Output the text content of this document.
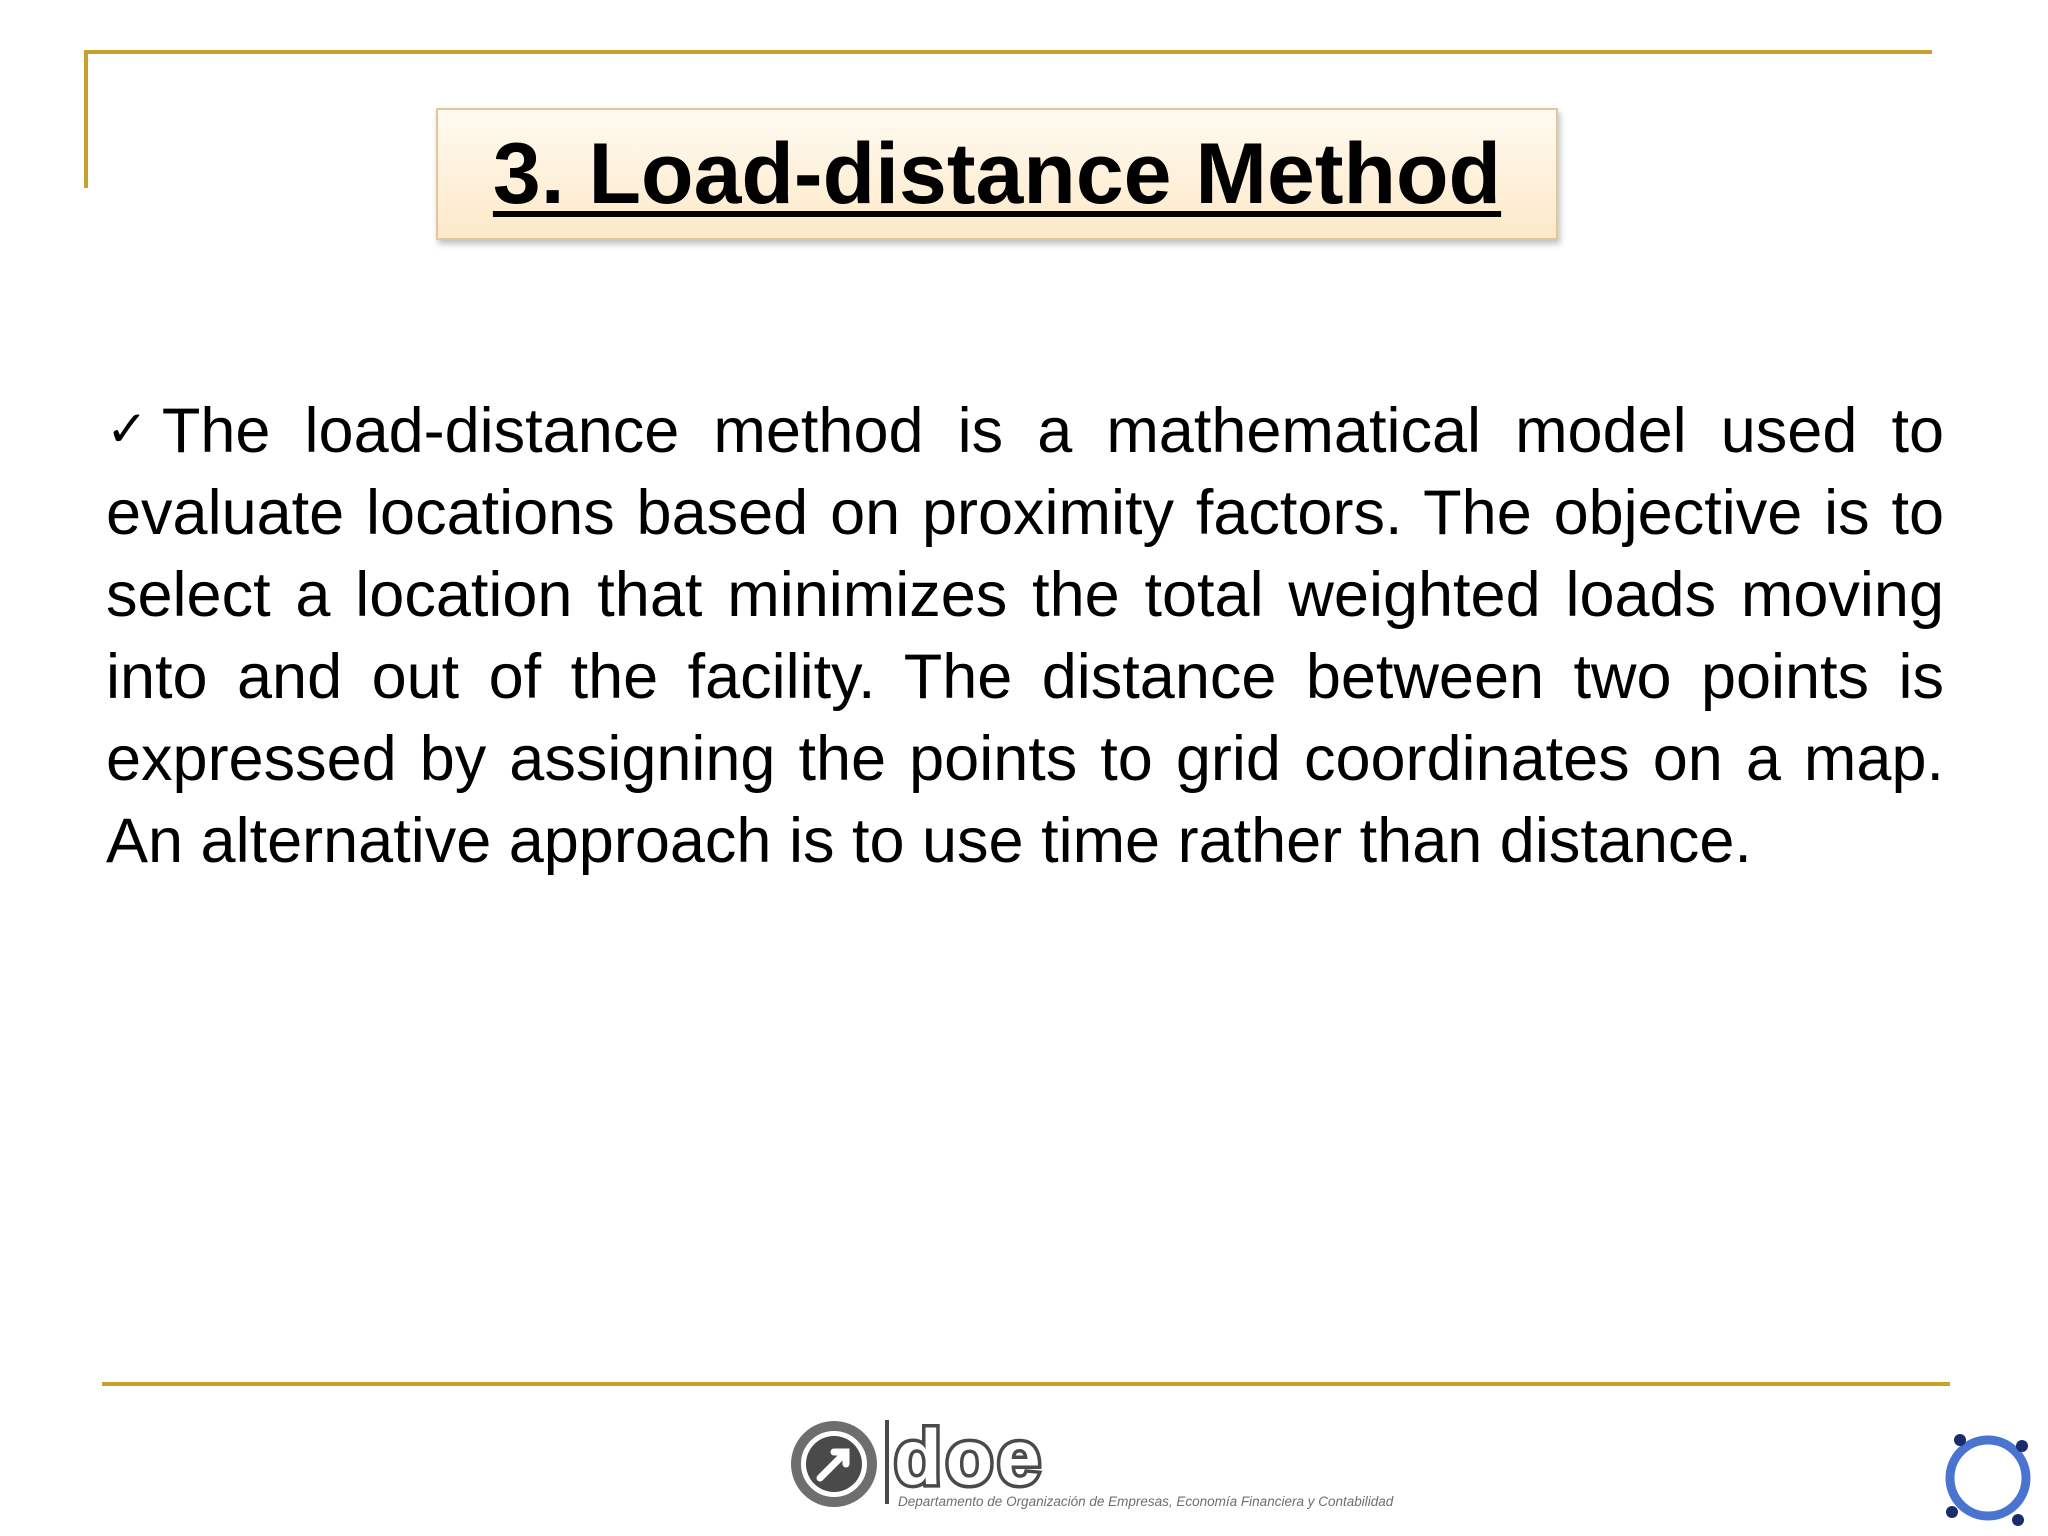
3. Load-distance Method

✓ The load-distance method is a mathematical model used to evaluate locations based on proximity factors. The objective is to select a location that minimizes the total weighted loads moving into and out of the facility. The distance between two points is expressed by assigning the points to grid coordinates on a map. An alternative approach is to use time rather than distance.

doe
Departamento de Organización de Empresas, Economía Financiera y Contabilidad
